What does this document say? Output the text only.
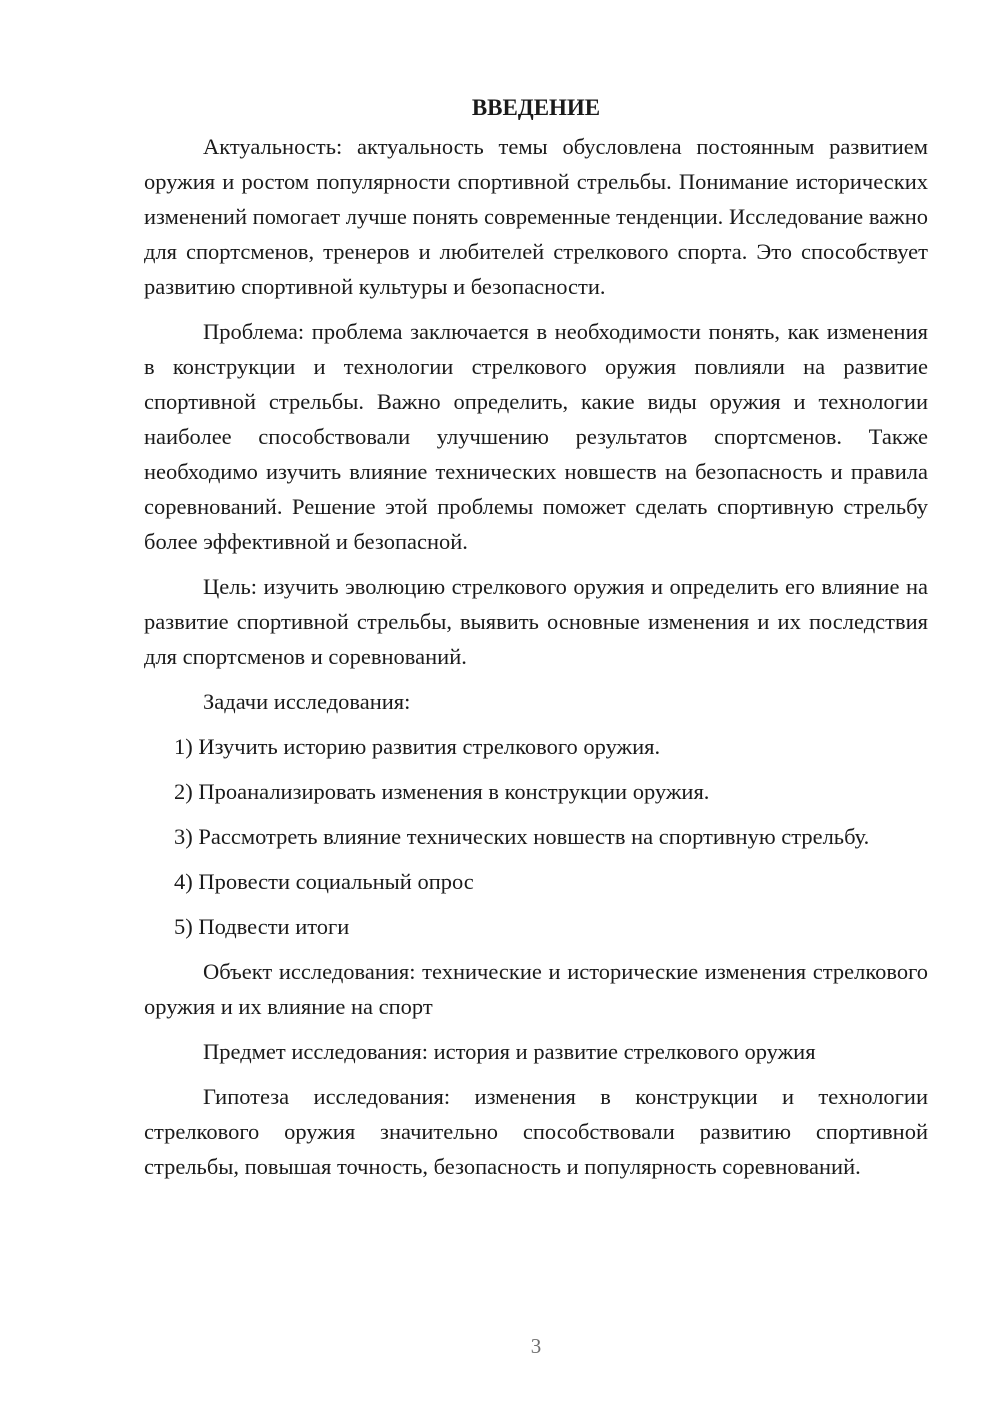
ВВЕДЕНИЕ

Актуальность: актуальность темы обусловлена постоянным развитием оружия и ростом популярности спортивной стрельбы. Понимание исторических изменений помогает лучше понять современные тенденции. Исследование важно для спортсменов, тренеров и любителей стрелкового спорта. Это способствует развитию спортивной культуры и безопасности.

Проблема: проблема заключается в необходимости понять, как изменения в конструкции и технологии стрелкового оружия повлияли на развитие спортивной стрельбы. Важно определить, какие виды оружия и технологии наиболее способствовали улучшению результатов спортсменов. Также необходимо изучить влияние технических новшеств на безопасность и правила соревнований. Решение этой проблемы поможет сделать спортивную стрельбу более эффективной и безопасной.

Цель: изучить эволюцию стрелкового оружия и определить его влияние на развитие спортивной стрельбы, выявить основные изменения и их последствия для спортсменов и соревнований.

Задачи исследования:

1) Изучить историю развития стрелкового оружия.

2) Проанализировать изменения в конструкции оружия.

3) Рассмотреть влияние технических новшеств на спортивную стрельбу.

4) Провести социальный опрос

5) Подвести итоги

Объект исследования: технические и исторические изменения стрелкового оружия и их влияние на спорт

Предмет исследования: история и развитие стрелкового оружия

Гипотеза исследования: изменения в конструкции и технологии стрелкового оружия значительно способствовали развитию спортивной стрельбы, повышая точность, безопасность и популярность соревнований.

3
